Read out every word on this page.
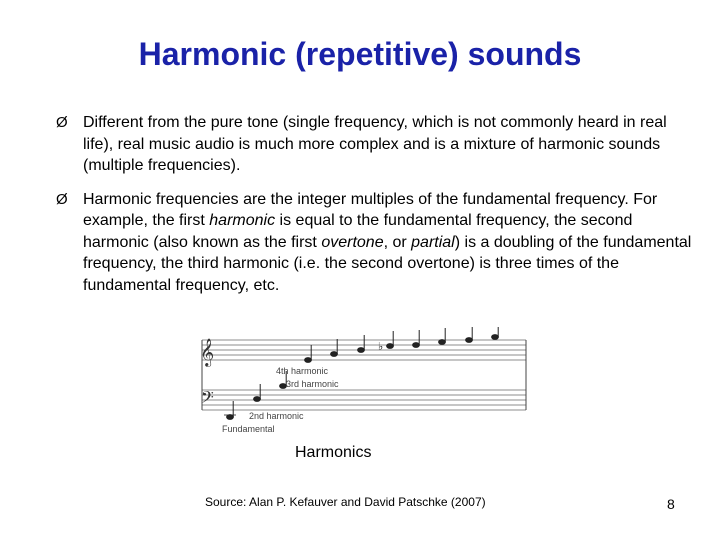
Harmonic (repetitive) sounds
Ø Different from the pure tone (single frequency, which is not commonly heard in real life), real music audio is much more complex and is a mixture of harmonic sounds (multiple frequencies).
Ø Harmonic frequencies are the integer multiples of the fundamental frequency. For example, the first harmonic is equal to the fundamental frequency, the second harmonic (also known as the first overtone, or partial) is a doubling of the fundamental frequency, the third harmonic (i.e. the second overtone) is three times of the fundamental frequency, etc.
𝄞
𝄢
♭
4th harmonic
3rd harmonic
2nd harmonic
Fundamental
Harmonics
Source: Alan P. Kefauver and David Patschke (2007)	8
